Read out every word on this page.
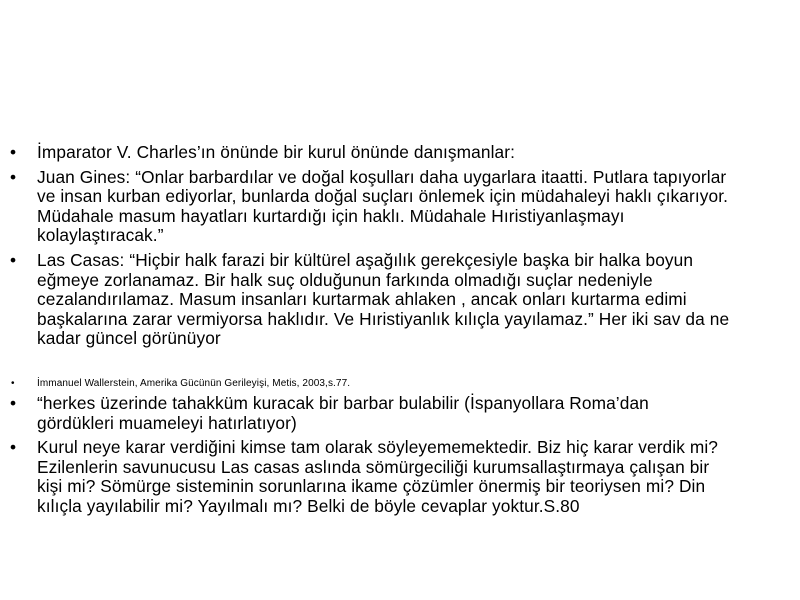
• İmparator V. Charles’ın önünde bir kurul önünde danışmanlar:
• Juan Gines: “Onlar barbardılar ve doğal koşulları daha uygarlara itaatti. Putlara tapıyorlar ve insan kurban ediyorlar, bunlarda doğal suçları önlemek için müdahaleyi haklı çıkarıyor. Müdahale masum hayatları kurtardığı için haklı. Müdahale Hıristiyanlaşmayı kolaylaştıracak.”
• Las Casas: “Hiçbir halk farazi bir kültürel aşağılık gerekçesiyle başka bir halka boyun eğmeye zorlanamaz. Bir halk suç olduğunun farkında olmadığı suçlar nedeniyle cezalandırılamaz. Masum insanları kurtarmak ahlaken , ancak onları kurtarma edimi başkalarına zarar vermiyorsa haklıdır. Ve Hıristiyanlık kılıçla yayılamaz.” Her iki sav da ne kadar güncel görünüyor
• İmmanuel Wallerstein, Amerika Gücünün Gerileyişi, Metis, 2003,s.77.
• “herkes üzerinde tahakküm kuracak bir barbar bulabilir (İspanyollara Roma’dan gördükleri muameleyi hatırlatıyor)
• Kurul neye karar verdiğini kimse tam olarak söyleyememektedir. Biz hiç karar verdik mi? Ezilenlerin savunucusu Las casas aslında sömürgeciliği kurumsallaştırmaya çalışan bir kişi mi? Sömürge sisteminin sorunlarına ikame çözümler önermiş bir teoriysen mi? Din kılıçla yayılabilir mi? Yayılmalı mı? Belki de böyle cevaplar yoktur.S.80
